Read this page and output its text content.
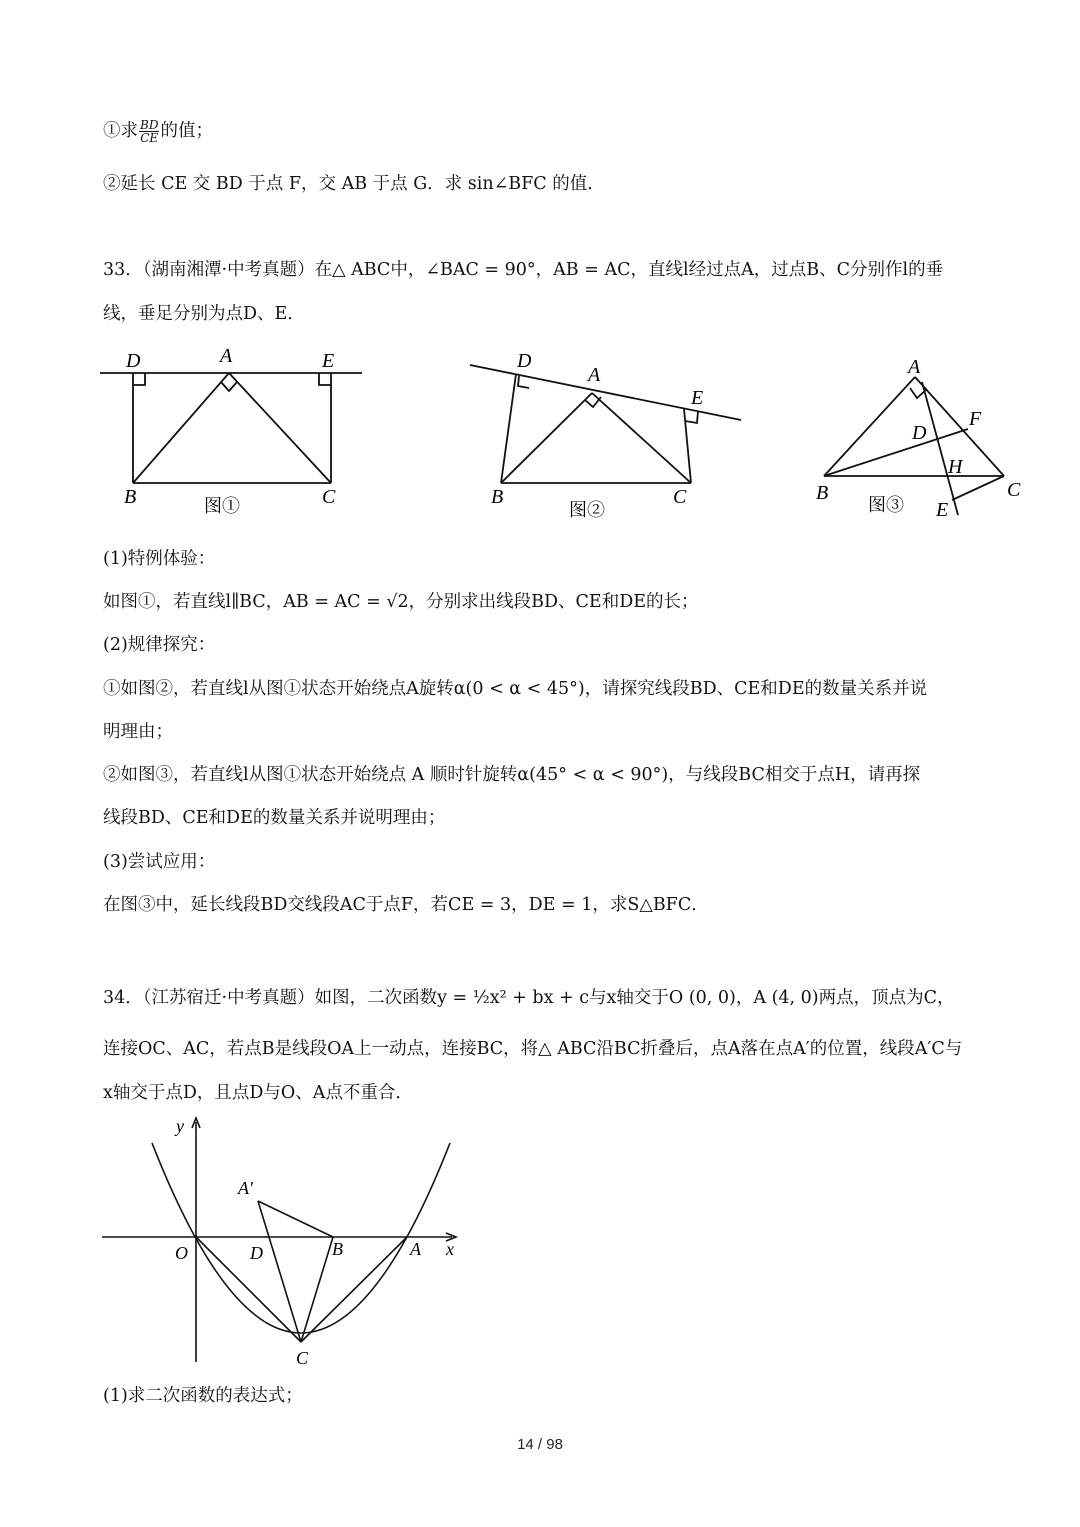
①求 $\frac{BD}{CE}$ 的值；
②延长 CE 交 BD 于点 F，交 AB 于点 G．求 sin∠BFC 的值．
33．（湖南湘潭·中考真题）在△ ABC中，∠BAC = 90°，AB = AC，直线l经过点A，过点B、C分别作l的垂
线，垂足分别为点D、E．
D	A	E
B	C
图①
D
A
E
B	C
图②
A
F
D
H
B	C
E
图③
(1)特例体验：
如图①，若直线l∥BC，AB = AC = √2，分别求出线段BD、CE和DE的长；
(2)规律探究：
①如图②，若直线l从图①状态开始绕点A旋转α(0 < α < 45°)，请探究线段BD、CE和DE的数量关系并说
明理由；
②如图③，若直线l从图①状态开始绕点 A 顺时针旋转α(45° < α < 90°)，与线段BC相交于点H，请再探
线段BD、CE和DE的数量关系并说明理由；
(3)尝试应用：
在图③中，延长线段BD交线段AC于点F，若CE = 3，DE = 1，求S△BFC．
34．（江苏宿迁·中考真题）如图，二次函数y = ½x² + bx + c与x轴交于O (0, 0)，A (4, 0)两点，顶点为C，
连接OC、AC，若点B是线段OA上一动点，连接BC，将△ ABC沿BC折叠后，点A落在点A′的位置，线段A′C与
x轴交于点D，且点D与O、A点不重合．
y
A′
O	D	B	A x
C
(1)求二次函数的表达式；
14 / 98
